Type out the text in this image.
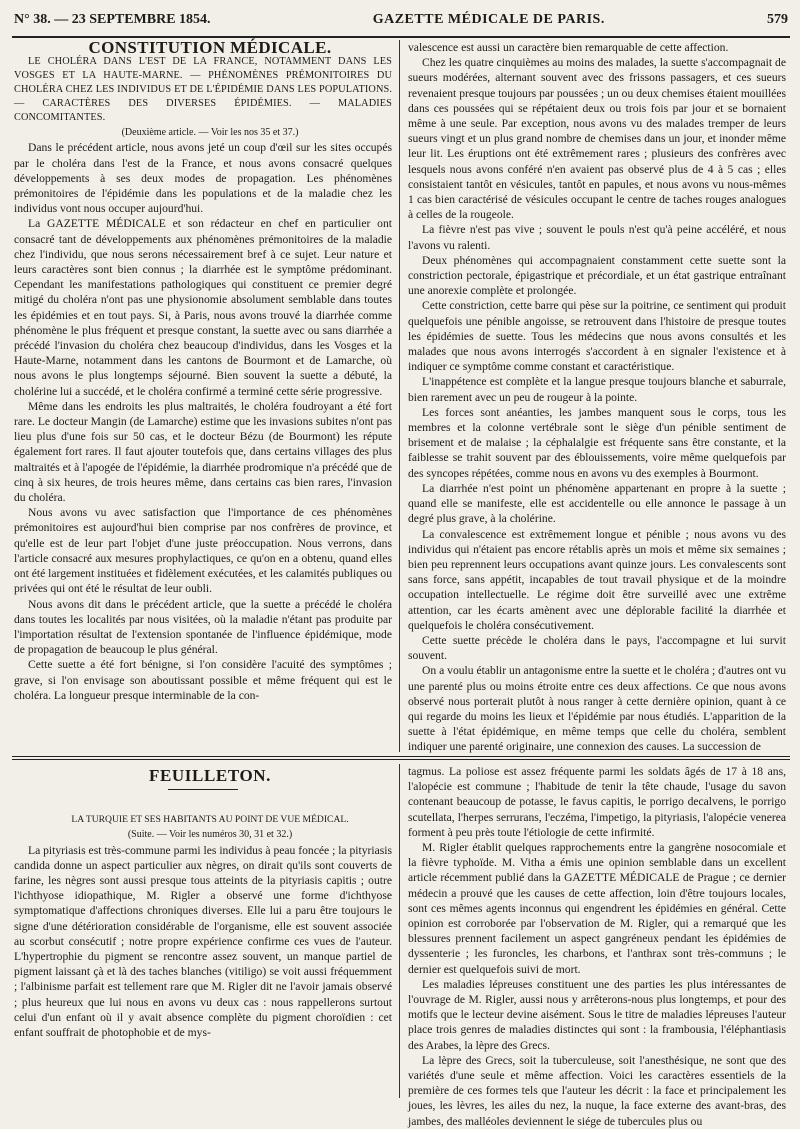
N° 38. — 23 SEPTEMBRE 1854.	GAZETTE MÉDICALE DE PARIS.	579

CONSTITUTION MÉDICALE.

LE CHOLÉRA DANS L'EST DE LA FRANCE, NOTAMMENT DANS LES VOSGES ET LA HAUTE-MARNE. — PHÉNOMÈNES PRÉMONITOIRES DU CHOLÉRA CHEZ LES INDIVIDUS ET DE L'ÉPIDÉMIE DANS LES POPULATIONS. — CARACTÈRES DES DIVERSES ÉPIDÉMIES. — MALADIES CONCOMITANTES.

(Deuxième article. — Voir les nos 35 et 37.)

Dans le précédent article, nous avons jeté un coup d'œil sur les sites occupés par le choléra dans l'est de la France, et nous avons consacré quelques développements à ses deux modes de propagation. Les phénomènes prémonitoires de l'épidémie dans les populations et de la maladie chez les individus vont nous occuper aujourd'hui.

La GAZETTE MÉDICALE et son rédacteur en chef en particulier ont consacré tant de développements aux phénomènes prémonitoires de la maladie chez l'individu, que nous serons nécessairement bref à ce sujet. Leur nature et leurs caractères sont bien connus ; la diarrhée est le symptôme prédominant. Cependant les manifestations pathologiques qui constituent ce premier degré mitigé du choléra n'ont pas une physionomie absolument semblable dans toutes les épidémies et en tout pays. Si, à Paris, nous avons trouvé la diarrhée comme phénomène le plus fréquent et presque constant, la suette avec ou sans diarrhée a précédé l'invasion du choléra chez beaucoup d'individus, dans les Vosges et la Haute-Marne, notamment dans les cantons de Bourmont et de Lamarche, où nous avons le plus longtemps séjourné. Bien souvent la suette a débuté, la cholérine lui a succédé, et le choléra confirmé a terminé cette série progressive.

Même dans les endroits les plus maltraités, le choléra foudroyant a été fort rare. Le docteur Mangin (de Lamarche) estime que les invasions subites n'ont pas lieu plus d'une fois sur 50 cas, et le docteur Bézu (de Bourmont) les répute également fort rares. Il faut ajouter toutefois que, dans certains villages des plus maltraités et à l'apogée de l'épidémie, la diarrhée prodromique n'a précédé que de cinq à six heures, de trois heures même, dans certains cas bien rares, l'invasion du choléra.

Nous avons vu avec satisfaction que l'importance de ces phénomènes prémonitoires est aujourd'hui bien comprise par nos confrères de province, et qu'elle est de leur part l'objet d'une juste préoccupation. Nous verrons, dans l'article consacré aux mesures prophylactiques, ce qu'on en a obtenu, quand elles ont été largement instituées et fidèlement exécutées, et les calamités publiques ou privées qui ont été le résultat de leur oubli.

Nous avons dit dans le précédent article, que la suette a précédé le choléra dans toutes les localités par nous visitées, où la maladie n'étant pas produite par l'importation résultat de l'extension spontanée de l'influence épidémique, mode de propagation de beaucoup le plus général.

Cette suette a été fort bénigne, si l'on considère l'acuité des symptômes ; grave, si l'on envisage son aboutissant possible et même fréquent qui est le choléra. La longueur presque interminable de la con-

valescence est aussi un caractère bien remarquable de cette affection.

Chez les quatre cinquièmes au moins des malades, la suette s'accompagnait de sueurs modérées, alternant souvent avec des frissons passagers, et ces sueurs revenaient presque toujours par poussées ; un ou deux chemises étaient mouillées dans ces poussées qui se répétaient deux ou trois fois par jour et se bornaient même à une seule. Par exception, nous avons vu des malades tremper de leurs sueurs vingt et un plus grand nombre de chemises dans un jour, et inonder même leur lit. Les éruptions ont été extrêmement rares ; plusieurs des confrères avec lesquels nous avons conféré n'en avaient pas observé plus de 4 à 5 cas ; elles consistaient tantôt en vésicules, tantôt en papules, et nous avons vu nous-mêmes 1 cas bien caractérisé de vésicules occupant le centre de taches rouges analogues à celles de la rougeole.

La fièvre n'est pas vive ; souvent le pouls n'est qu'à peine accéléré, et nous l'avons vu ralenti.

Deux phénomènes qui accompagnaient constamment cette suette sont la constriction pectorale, épigastrique et précordiale, et un état gastrique entraînant une anorexie complète et prolongée.

Cette constriction, cette barre qui pèse sur la poitrine, ce sentiment qui produit quelquefois une pénible angoisse, se retrouvent dans l'histoire de presque toutes les épidémies de suette. Tous les médecins que nous avons consultés et les malades que nous avons interrogés s'accordent à en signaler l'existence et à indiquer ce symptôme comme constant et caractéristique.

L'inappétence est complète et la langue presque toujours blanche et saburrale, bien rarement avec un peu de rougeur à la pointe.

Les forces sont anéanties, les jambes manquent sous le corps, tous les membres et la colonne vertébrale sont le siège d'un pénible sentiment de brisement et de malaise ; la céphalalgie est fréquente sans être constante, et la faiblesse se trahit souvent par des éblouissements, voire même quelquefois par des syncopes répétées, comme nous en avons vu des exemples à Bourmont.

La diarrhée n'est point un phénomène appartenant en propre à la suette ; quand elle se manifeste, elle est accidentelle ou elle annonce le passage à un degré plus grave, à la cholérine.

La convalescence est extrêmement longue et pénible ; nous avons vu des individus qui n'étaient pas encore rétablis après un mois et même six semaines ; bien peu reprennent leurs occupations avant quinze jours. Les convalescents sont sans force, sans appétit, incapables de tout travail physique et de la moindre occupation intellectuelle. Le régime doit être surveillé avec une extrême attention, car les écarts amènent avec une déplorable facilité la diarrhée et quelquefois le choléra consécutivement.

Cette suette précède le choléra dans le pays, l'accompagne et lui survit souvent.

On a voulu établir un antagonisme entre la suette et le choléra ; d'autres ont vu une parenté plus ou moins étroite entre ces deux affections. Ce que nous avons observé nous porterait plutôt à nous ranger à cette dernière opinion, quant à ce qui regarde du moins les lieux et l'épidémie par nous étudiés. L'apparition de la suette à l'état épidémique, en même temps que celle du choléra, semblent indiquer une parenté originaire, une connexion des causes. La succession de

FEUILLETON.

LA TURQUIE ET SES HABITANTS AU POINT DE VUE MÉDICAL.

(Suite. — Voir les numéros 30, 31 et 32.)

La pityriasis est très-commune parmi les individus à peau foncée ; la pityriasis candida donne un aspect particulier aux nègres, on dirait qu'ils sont couverts de farine, les nègres sont aussi presque tous atteints de la pityriasis capitis ; outre l'ichthyose idiopathique, M. Rigler a observé une forme d'ichthyose symptomatique d'affections chroniques diverses. Elle lui a paru être toujours le signe d'une détérioration considérable de l'organisme, elle est souvent associée au scorbut consécutif ; notre propre expérience confirme ces vues de l'auteur. L'hypertrophie du pigment se rencontre assez souvent, un manque partiel de pigment laissant çà et là des taches blanches (vitiligo) se voit aussi fréquemment ; l'albinisme parfait est tellement rare que M. Rigler dit ne l'avoir jamais observé ; plus heureux que lui nous en avons vu deux cas : nous rappellerons surtout celui d'un enfant où il y avait absence complète du pigment choroïdien : cet enfant souffrait de photophobie et de mys-

tagmus. La poliose est assez fréquente parmi les soldats âgés de 17 à 18 ans, l'alopécie est commune ; l'habitude de tenir la tête chaude, l'usage du savon contenant beaucoup de potasse, le favus capitis, le porrigo decalvens, le porrigo scutellata, l'herpes serrurans, l'eczéma, l'impetigo, la pityriasis, l'alopécie venerea forment à peu près toute l'étiologie de cette infirmité.

M. Rigler établit quelques rapprochements entre la gangrène nosocomiale et la fièvre typhoïde. M. Vitha a émis une opinion semblable dans un excellent article récemment publié dans la GAZETTE MÉDICALE de Prague ; ce dernier médecin a prouvé que les causes de cette affection, loin d'être toujours locales, sont ces mêmes agents inconnus qui engendrent les épidémies en général. Cette opinion est corroborée par l'observation de M. Rigler, qui a remarqué que les blessures prennent facilement un aspect gangréneux pendant les épidémies de dyssenterie ; les furoncles, les charbons, et l'anthrax sont très-communs ; le dernier est quelquefois suivi de mort.

Les maladies lépreuses constituent une des parties les plus intéressantes de l'ouvrage de M. Rigler, aussi nous y arrêterons-nous plus longtemps, et pour des motifs que le lecteur devine aisément. Sous le titre de maladies lépreuses l'auteur place trois genres de maladies distinctes qui sont : la frambousia, l'éléphantiasis des Arabes, la lèpre des Grecs.

La lèpre des Grecs, soit la tuberculeuse, soit l'anesthésique, ne sont que des variétés d'une seule et même affection. Voici les caractères essentiels de la première de ces formes tels que l'auteur les décrit : la face et principalement les joues, les lèvres, les ailes du nez, la nuque, la face externe des avant-bras, des jambes, des malléoles deviennent le siége de tubercules plus ou
